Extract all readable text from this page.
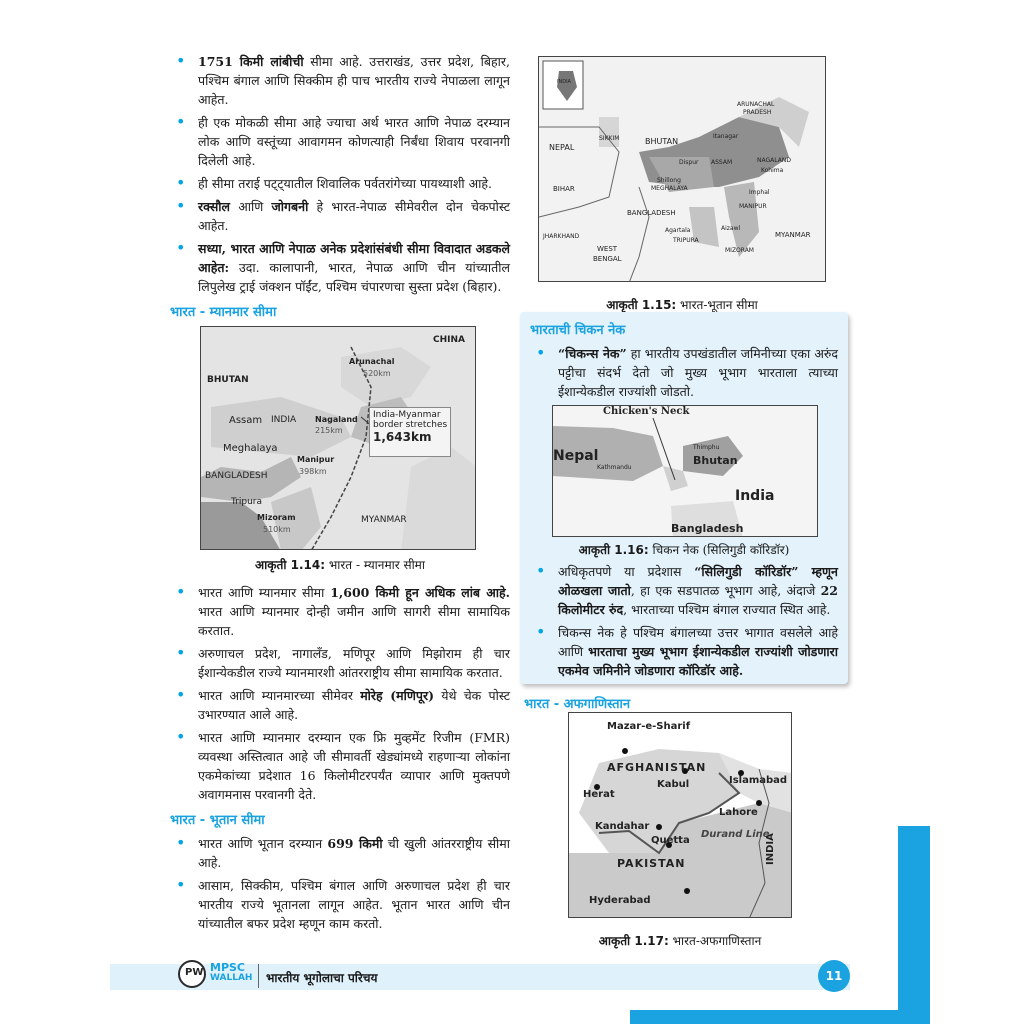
• 1751 किमी लांबीची सीमा आहे. उत्तराखंड, उत्तर प्रदेश, बिहार, पश्चिम बंगाल आणि सिक्कीम ही पाच भारतीय राज्ये नेपाळला लागून आहेत.
• ही एक मोकळी सीमा आहे ज्याचा अर्थ भारत आणि नेपाळ दरम्यान लोक आणि वस्तूंच्या आवागमन कोणत्याही निर्बंधा शिवाय परवानगी दिलेली आहे.
• ही सीमा तराई पट्ट्यातील शिवालिक पर्वतरांगेच्या पायथ्याशी आहे.
• रक्सौल आणि जोगबनी हे भारत-नेपाळ सीमेवरील दोन चेकपोस्ट आहेत.
• सध्या, भारत आणि नेपाळ अनेक प्रदेशांसंबंधी सीमा विवादात अडकले आहेत: उदा. कालापानी, भारत, नेपाळ आणि चीन यांच्यातील लिपुलेख ट्राई जंक्शन पॉईंट, पश्चिम चंपारणचा सुस्ता प्रदेश (बिहार).
भारत - म्यानमार सीमा
CHINA
BHUTAN
Arunachal
520km
Assam INDIA Nagaland
215km
India-Myanmar
border stretches
1,643km
Meghalaya
Manipur
398km
BANGLADESH
Tripura
Mizoram
510km
MYANMAR
आकृती 1.14: भारत - म्यानमार सीमा
• भारत आणि म्यानमार सीमा 1,600 किमी हून अधिक लांब आहे. भारत आणि म्यानमार दोन्ही जमीन आणि सागरी सीमा सामायिक करतात.
• अरुणाचल प्रदेश, नागालँड, मणिपूर आणि मिझोराम ही चार ईशान्येकडील राज्ये म्यानमारशी आंतरराष्ट्रीय सीमा सामायिक करतात.
• भारत आणि म्यानमारच्या सीमेवर मोरेह (मणिपूर) येथे चेक पोस्ट उभारण्यात आले आहे.
• भारत आणि म्यानमार दरम्यान एक फ्रि मुव्हमेंट रिजीम (FMR) व्यवस्था अस्तित्वात आहे जी सीमावर्ती खेड्यांमध्ये राहणाऱ्या लोकांना एकमेकांच्या प्रदेशात 16 किलोमीटरपर्यंत व्यापार आणि मुक्तपणे अवागमनास परवानगी देते.
भारत - भूतान सीमा
• भारत आणि भूतान दरम्यान 699 किमी ची खुली आंतरराष्ट्रीय सीमा आहे.
• आसाम, सिक्कीम, पश्चिम बंगाल आणि अरुणाचल प्रदेश ही चार भारतीय राज्ये भूतानला लागून आहेत. भूतान भारत आणि चीन यांच्यातील बफर प्रदेश म्हणून काम करतो.
INDIA
NEPAL
SIKKIM	BHUTAN
ARUNACHAL
PRADESH
Itanagar
Dispur ASSAM	NAGALAND
Kohima
Shillong
MEGHALAYA
Imphal
MANIPUR
BIHAR
BANGLADESH
Agartala
TRIPURA
Aizawl
MIZORAM
MYANMAR
JHARKHAND
WEST
BENGAL
आकृती 1.15: भारत-भूतान सीमा
भारताची चिकन नेक
• “चिकन्स नेक” हा भारतीय उपखंडातील जमिनीच्या एका अरुंद पट्टीचा संदर्भ देतो जो मुख्य भूभाग भारताला त्याच्या ईशान्येकडील राज्यांशी जोडतो.
Chicken's Neck
Nepal
Kathmandu
Thimphu
Bhutan
India
Bangladesh
आकृती 1.16: चिकन नेक (सिलिगुडी कॉरिडॉर)
• अधिकृतपणे या प्रदेशास “सिलिगुडी कॉरिडॉर” म्हणून ओळखला जातो, हा एक सडपातळ भूभाग आहे, अंदाजे 22 किलोमीटर रुंद, भारताच्या पश्चिम बंगाल राज्यात स्थित आहे.
• चिकन्स नेक हे पश्चिम बंगालच्या उत्तर भागात वसलेले आहे आणि भारताचा मुख्य भूभाग ईशान्येकडील राज्यांशी जोडणारा एकमेव जमिनीने जोडणारा कॉरिडॉर आहे.
भारत - अफगाणिस्तान
Mazar-e-Sharif
AFGHANISTAN
Islamabad
Kabul
Herat
Lahore
Kandahar
Durand Line
Quetta
PAKISTAN	INDIA
Hyderabad
आकृती 1.17: भारत-अफगाणिस्तान
PW MPSC
WALLAH भारतीय भूगोलाचा परिचय	11
